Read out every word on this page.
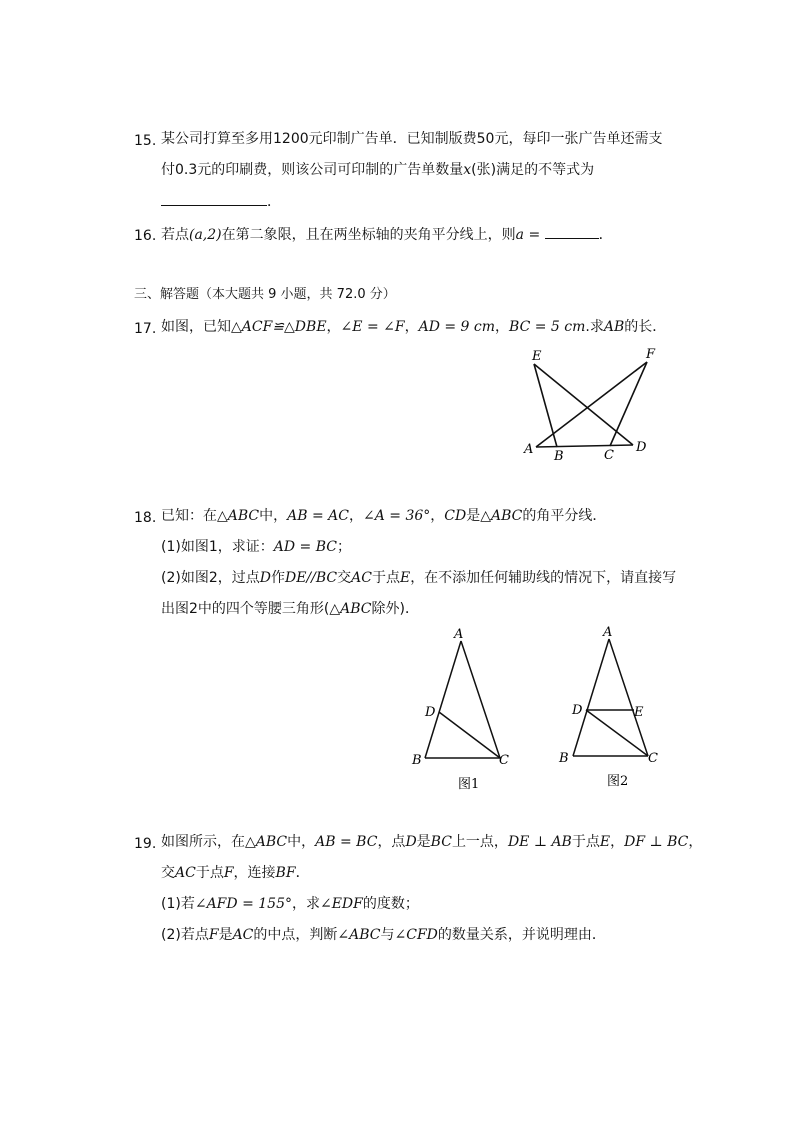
15. 某公司打算至多用1200元印制广告单．已知制版费50元，每印一张广告单还需支
付0.3元的印刷费，则该公司可印制的广告单数量x(张)满足的不等式为
．
16. 若点(a,2)在第二象限，且在两坐标轴的夹角平分线上，则a =	．
三、解答题（本大题共 9 小题，共 72.0 分）
17. 如图，已知△ACF≌△DBE，∠E = ∠F，AD = 9 cm，BC = 5 cm.求AB的长．
E	F
A B	C
D
18. 已知：在△ABC中，AB = AC，∠A = 36°，CD是△ABC的角平分线．
(1)如图1，求证：AD = BC；
(2)如图2，过点D作DE//BC交AC于点E，在不添加任何辅助线的情况下，请直接写
出图2中的四个等腰三角形(△ABC除外)．
A
D
B	C
图1
A
D	E
B	C
图2
19. 如图所示，在△ABC中，AB = BC，点D是BC上一点，DE ⊥ AB于点E，DF ⊥ BC，
交AC于点F，连接BF．
(1)若∠AFD = 155°，求∠EDF的度数；
(2)若点F是AC的中点，判断∠ABC与∠CFD的数量关系，并说明理由．
